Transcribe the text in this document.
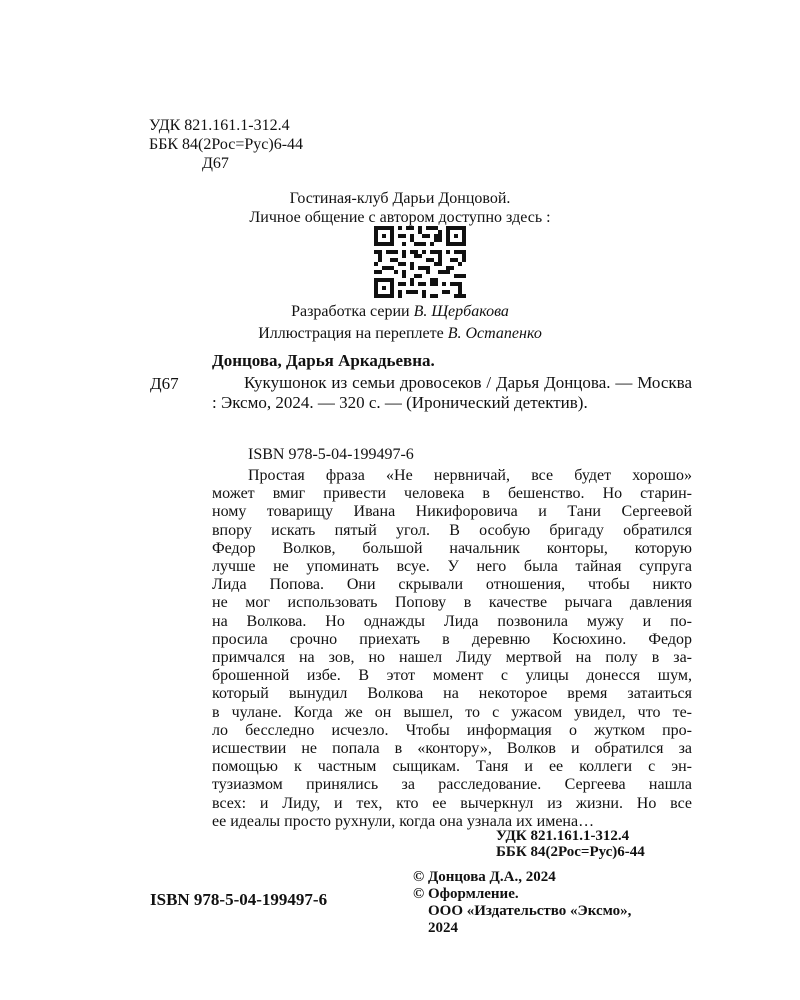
УДК 821.161.1-312.4
ББК 84(2Рос=Рус)6-44
Д67
Гостиная-клуб Дарьи Донцовой.
Личное общение с автором доступно здесь :
Разработка серии В. Щербакова
Иллюстрация на переплете В. Остапенко
Донцова, Дарья Аркадьевна.
Д67	Кукушонок из семьи дровосеков / Дарья Донцова. — Москва : Эксмо, 2024. — 320 с. — (Иронический детектив).

ISBN 978-5-04-199497-6
Простая фраза «Не нервничай, все будет хорошо»
может вмиг привести человека в бешенство. Но старин-
ному товарищу Ивана Никифоровича и Тани Сергеевой
впору искать пятый угол. В особую бригаду обратился
Федор Волков, большой начальник конторы, которую
лучше не упоминать всуе. У него была тайная супруга
Лида Попова. Они скрывали отношения, чтобы никто
не мог использовать Попову в качестве рычага давления
на Волкова. Но однажды Лида позвонила мужу и по-
просила срочно приехать в деревню Косюхино. Федор
примчался на зов, но нашел Лиду мертвой на полу в за-
брошенной избе. В этот момент с улицы донесся шум,
который вынудил Волкова на некоторое время затаиться
в чулане. Когда же он вышел, то с ужасом увидел, что те-
ло бесследно исчезло. Чтобы информация о жутком про-
исшествии не попала в «контору», Волков и обратился за
помощью к частным сыщикам. Таня и ее коллеги с эн-
тузиазмом принялись за расследование. Сергеева нашла
всех: и Лиду, и тех, кто ее вычеркнул из жизни. Но все
ее идеалы просто рухнули, когда она узнала их имена…
УДК 821.161.1-312.4
ББК 84(2Рос=Рус)6-44
© Донцова Д.А., 2024
© Оформление.
ООО «Издательство «Эксмо»,
2024
ISBN 978-5-04-199497-6
